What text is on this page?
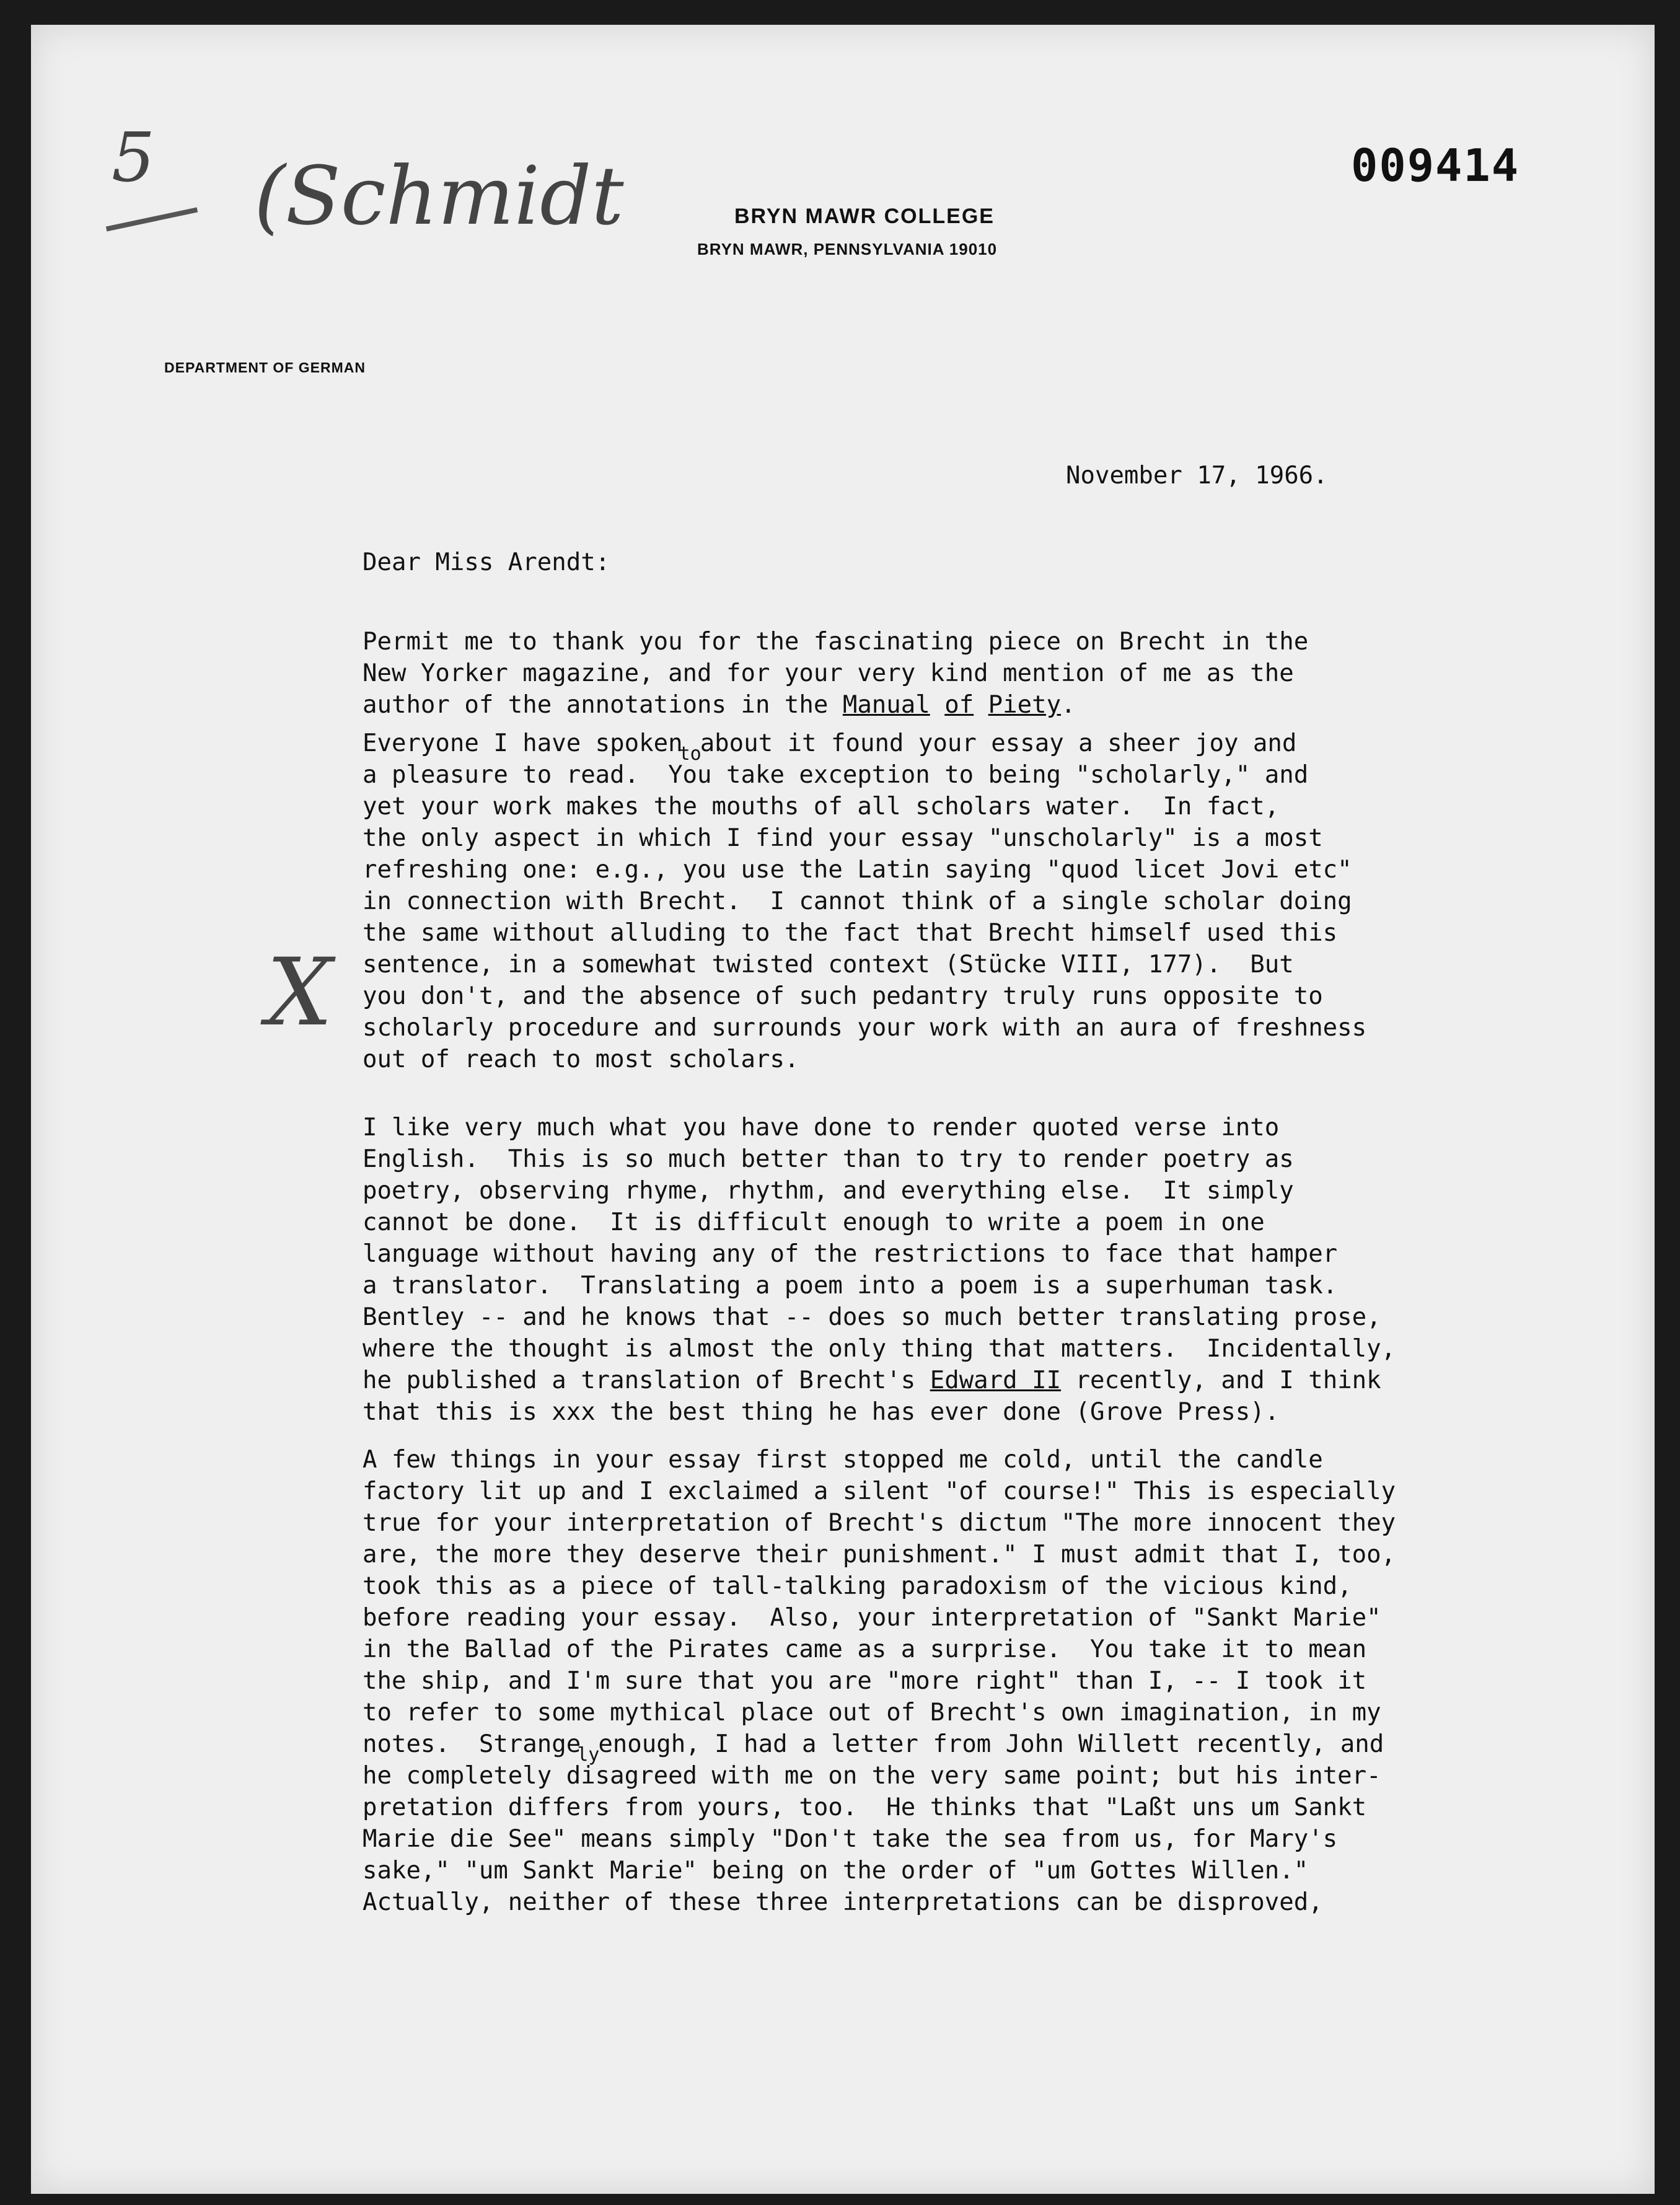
5 (Schmidt
X
009414
BRYN MAWR COLLEGE
BRYN MAWR, PENNSYLVANIA 19010
DEPARTMENT OF GERMAN
November 17, 1966.
Dear Miss Arendt:
Permit me to thank you for the fascinating piece on Brecht in the
New Yorker magazine, and for your very kind mention of me as the
author of the annotations in the Manual of Piety.
Everyone I have spoken$_{to}$about it found your essay a sheer joy and
a pleasure to read.  You take exception to being "scholarly," and
yet your work makes the mouths of all scholars water.  In fact,
the only aspect in which I find your essay "unscholarly" is a most
refreshing one: e.g., you use the Latin saying "quod licet Jovi etc"
in connection with Brecht.  I cannot think of a single scholar doing
the same without alluding to the fact that Brecht himself used this
sentence, in a somewhat twisted context (Stücke VIII, 177).  But
you don't, and the absence of such pedantry truly runs opposite to
scholarly procedure and surrounds your work with an aura of freshness
out of reach to most scholars.
I like very much what you have done to render quoted verse into
English.  This is so much better than to try to render poetry as
poetry, observing rhyme, rhythm, and everything else.  It simply
cannot be done.  It is difficult enough to write a poem in one
language without having any of the restrictions to face that hamper
a translator.  Translating a poem into a poem is a superhuman task.
Bentley -- and he knows that -- does so much better translating prose,
where the thought is almost the only thing that matters.  Incidentally,
he published a translation of Brecht's Edward II recently, and I think
that this is xxx the best thing he has ever done (Grove Press).
A few things in your essay first stopped me cold, until the candle
factory lit up and I exclaimed a silent "of course!" This is especially
true for your interpretation of Brecht's dictum "The more innocent they
are, the more they deserve their punishment." I must admit that I, too,
took this as a piece of tall-talking paradoxism of the vicious kind,
before reading your essay.  Also, your interpretation of "Sankt Marie"
in the Ballad of the Pirates came as a surprise.  You take it to mean
the ship, and I'm sure that you are "more right" than I, -- I took it
to refer to some mythical place out of Brecht's own imagination, in my
notes.  Strange$_{ly}$enough, I had a letter from John Willett recently, and
he completely disagreed with me on the very same point; but his inter-
pretation differs from yours, too.  He thinks that "Laßt uns um Sankt
Marie die See" means simply "Don't take the sea from us, for Mary's
sake," "um Sankt Marie" being on the order of "um Gottes Willen."
Actually, neither of these three interpretations can be disproved,
